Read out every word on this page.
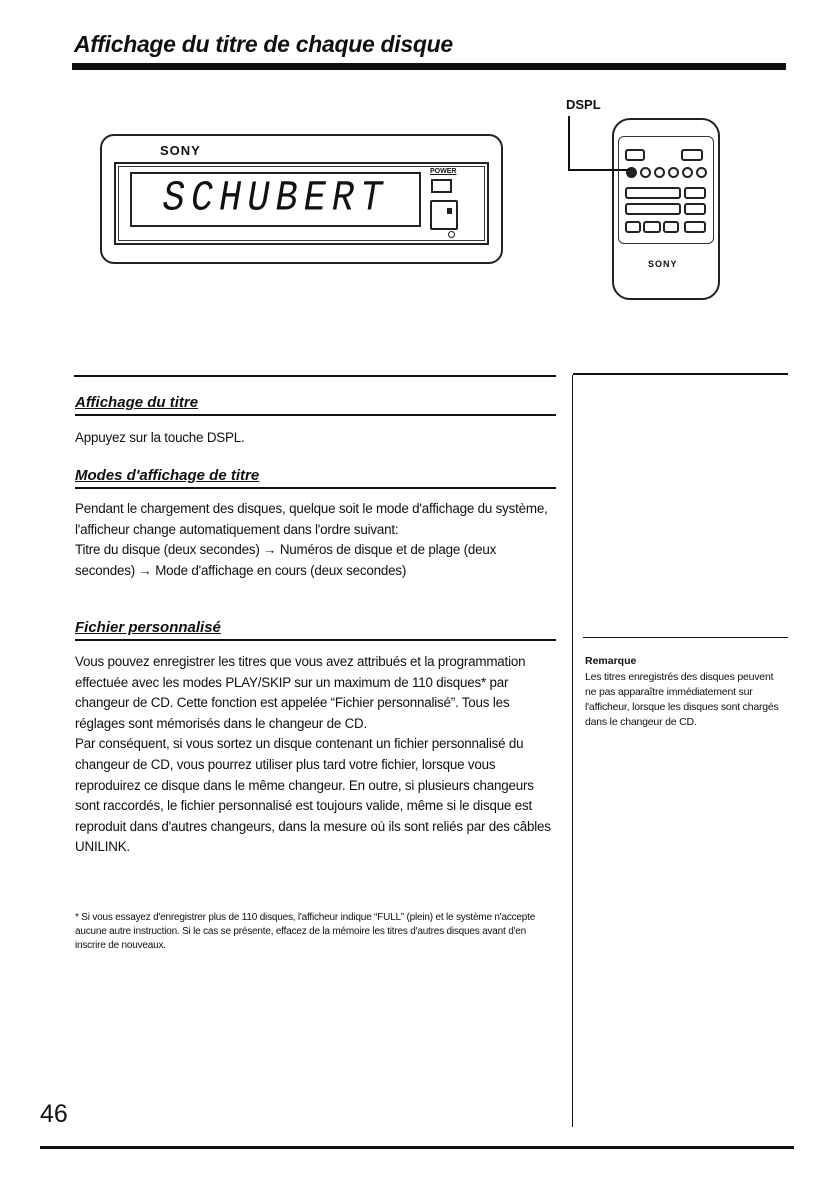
Affichage du titre de chaque disque
SONY
SCHUBERT
POWER
DSPL
SONY
Affichage du titre

Appuyez sur la touche DSPL.

Modes d'affichage de titre

Pendant le chargement des disques, quelque soit le mode d'affichage du système, l'afficheur change automatiquement dans l'ordre suivant:

Titre du disque (deux secondes) → Numéros de disque et de plage (deux secondes) → Mode d'affichage en cours (deux secondes)

Fichier personnalisé

Vous pouvez enregistrer les titres que vous avez attribués et la programmation effectuée avec les modes PLAY/SKIP sur un maximum de 110 disques* par changeur de CD. Cette fonction est appelée “Fichier personnalisé”. Tous les réglages sont mémorisés dans le changeur de CD.

Par conséquent, si vous sortez un disque contenant un fichier personnalisé du changeur de CD, vous pourrez utiliser plus tard votre fichier, lorsque vous reproduirez ce disque dans le même changeur. En outre, si plusieurs changeurs sont raccordés, le fichier personnalisé est toujours valide, même si le disque est reproduit dans d'autres changeurs, dans la mesure où ils sont reliés par des câbles UNILINK.

* Si vous essayez d'enregistrer plus de 110 disques, l'afficheur indique “FULL” (plein) et le système n'accepte aucune autre instruction. Si le cas se présente, effacez de la mémoire les titres d'autres disques avant d'en inscrire de nouveaux.
Remarque
Les titres enregistrés des disques peuvent ne pas apparaître immédiatement sur l'afficheur, lorsque les disques sont chargés dans le changeur de CD.
46
